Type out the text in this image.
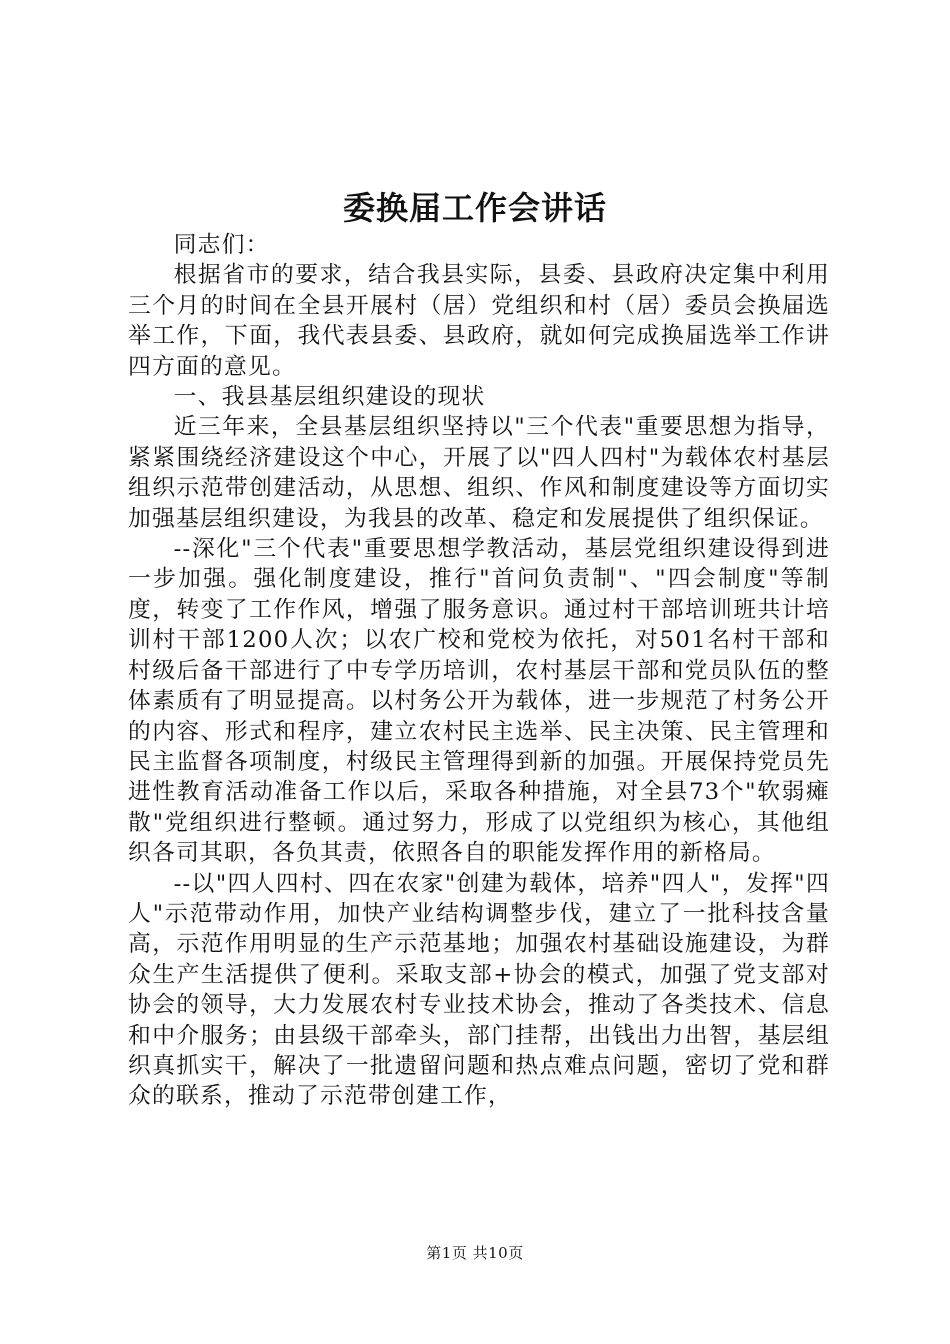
委换届工作会讲话

同志们：

根据省市的要求，结合我县实际，县委、县政府决定集中利用三个月的时间在全县开展村（居）党组织和村（居）委员会换届选举工作，下面，我代表县委、县政府，就如何完成换届选举工作讲四方面的意见。

一、我县基层组织建设的现状

近三年来，全县基层组织坚持以"三个代表"重要思想为指导，紧紧围绕经济建设这个中心，开展了以"四人四村"为载体农村基层组织示范带创建活动，从思想、组织、作风和制度建设等方面切实加强基层组织建设，为我县的改革、稳定和发展提供了组织保证。

--深化"三个代表"重要思想学教活动，基层党组织建设得到进一步加强。强化制度建设，推行"首问负责制"、"四会制度"等制度，转变了工作作风，增强了服务意识。通过村干部培训班共计培训村干部1200人次；以农广校和党校为依托，对501名村干部和村级后备干部进行了中专学历培训，农村基层干部和党员队伍的整体素质有了明显提高。以村务公开为载体，进一步规范了村务公开的内容、形式和程序，建立农村民主选举、民主决策、民主管理和民主监督各项制度，村级民主管理得到新的加强。开展保持党员先进性教育活动准备工作以后，采取各种措施，对全县73个"软弱瘫散"党组织进行整顿。通过努力，形成了以党组织为核心，其他组织各司其职，各负其责，依照各自的职能发挥作用的新格局。

--以"四人四村、四在农家"创建为载体，培养"四人"，发挥"四人"示范带动作用，加快产业结构调整步伐，建立了一批科技含量高，示范作用明显的生产示范基地；加强农村基础设施建设，为群众生产生活提供了便利。采取支部+协会的模式，加强了党支部对协会的领导，大力发展农村专业技术协会，推动了各类技术、信息和中介服务；由县级干部牵头，部门挂帮，出钱出力出智，基层组织真抓实干，解决了一批遗留问题和热点难点问题，密切了党和群众的联系，推动了示范带创建工作，

第1页 共10页
